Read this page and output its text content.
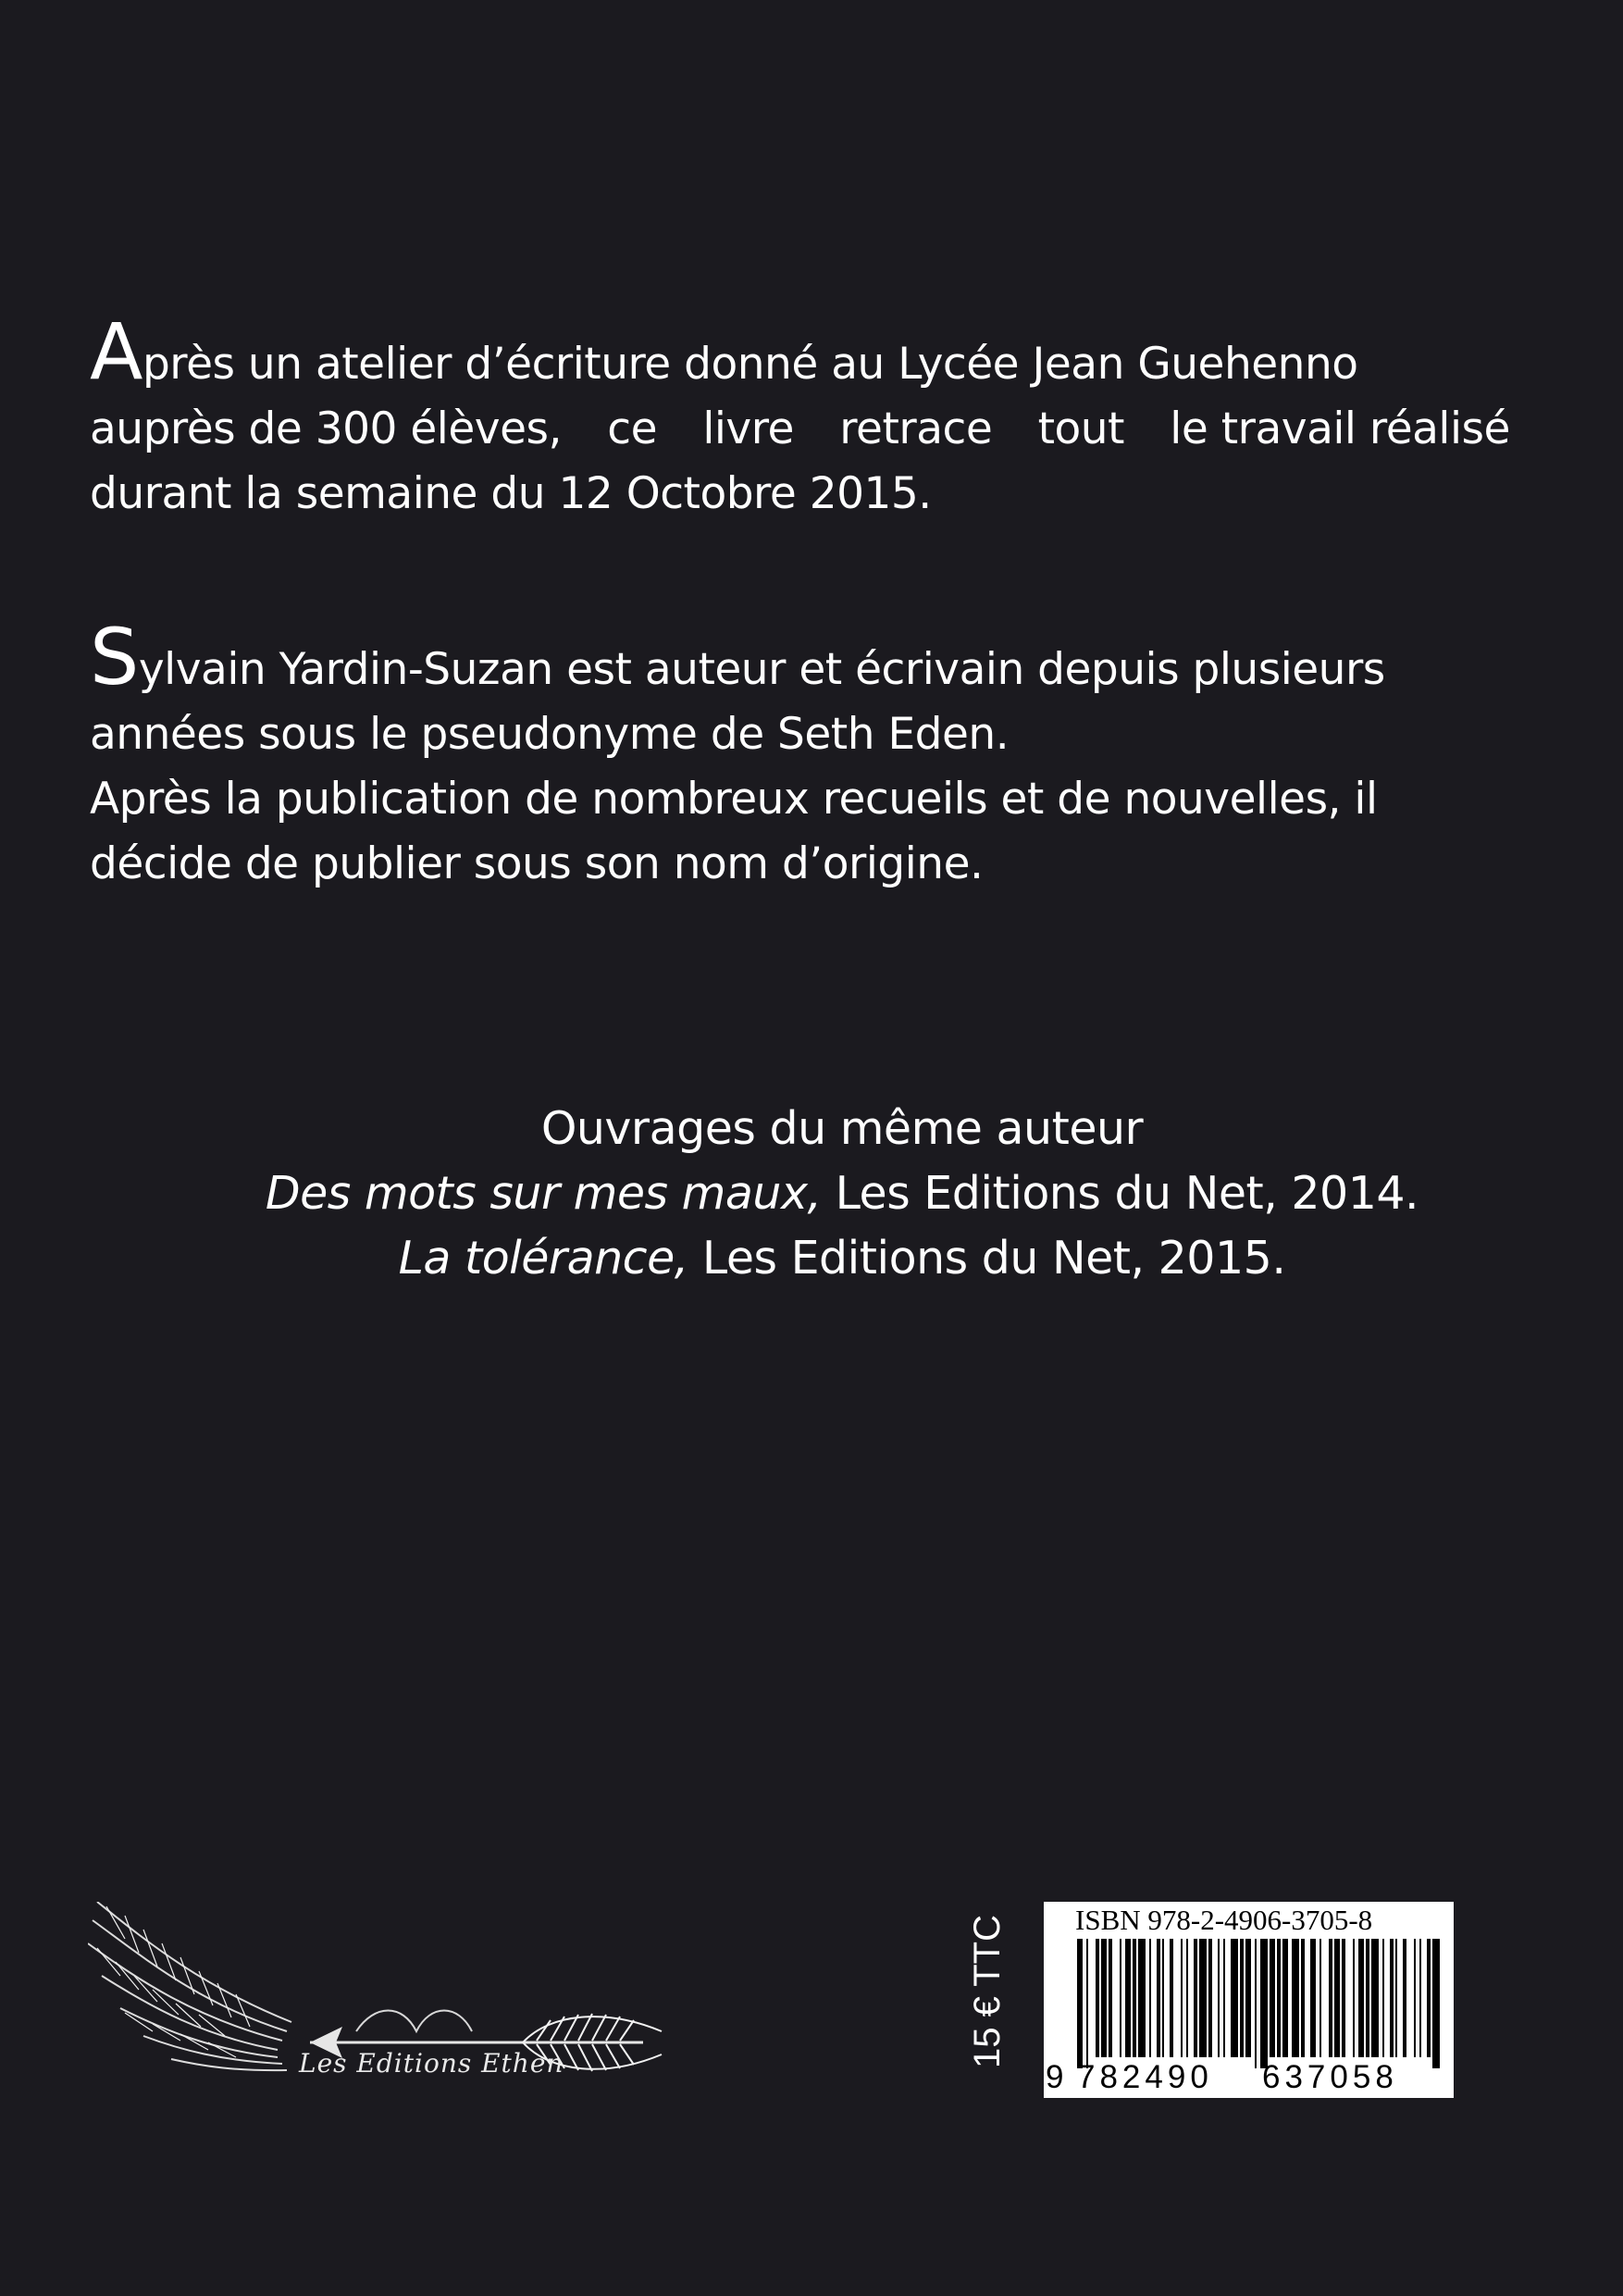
Après un atelier d’écriture donné au Lycée Jean Guehenno
auprès de 300 élèves, ce livre retrace tout le travail réalisé
durant la semaine du 12 Octobre 2015.
Sylvain Yardin-Suzan est auteur et écrivain depuis plusieurs
années sous le pseudonyme de Seth Eden.
Après la publication de nombreux recueils et de nouvelles, il
décide de publier sous son nom d’origine.
Ouvrages du même auteur
Des mots sur mes maux, Les Editions du Net, 2014.
La tolérance, Les Editions du Net, 2015.
Les Editions Ethen	15 € TTC ISBN 978-2-4906-3705-8
9 782490 637058
